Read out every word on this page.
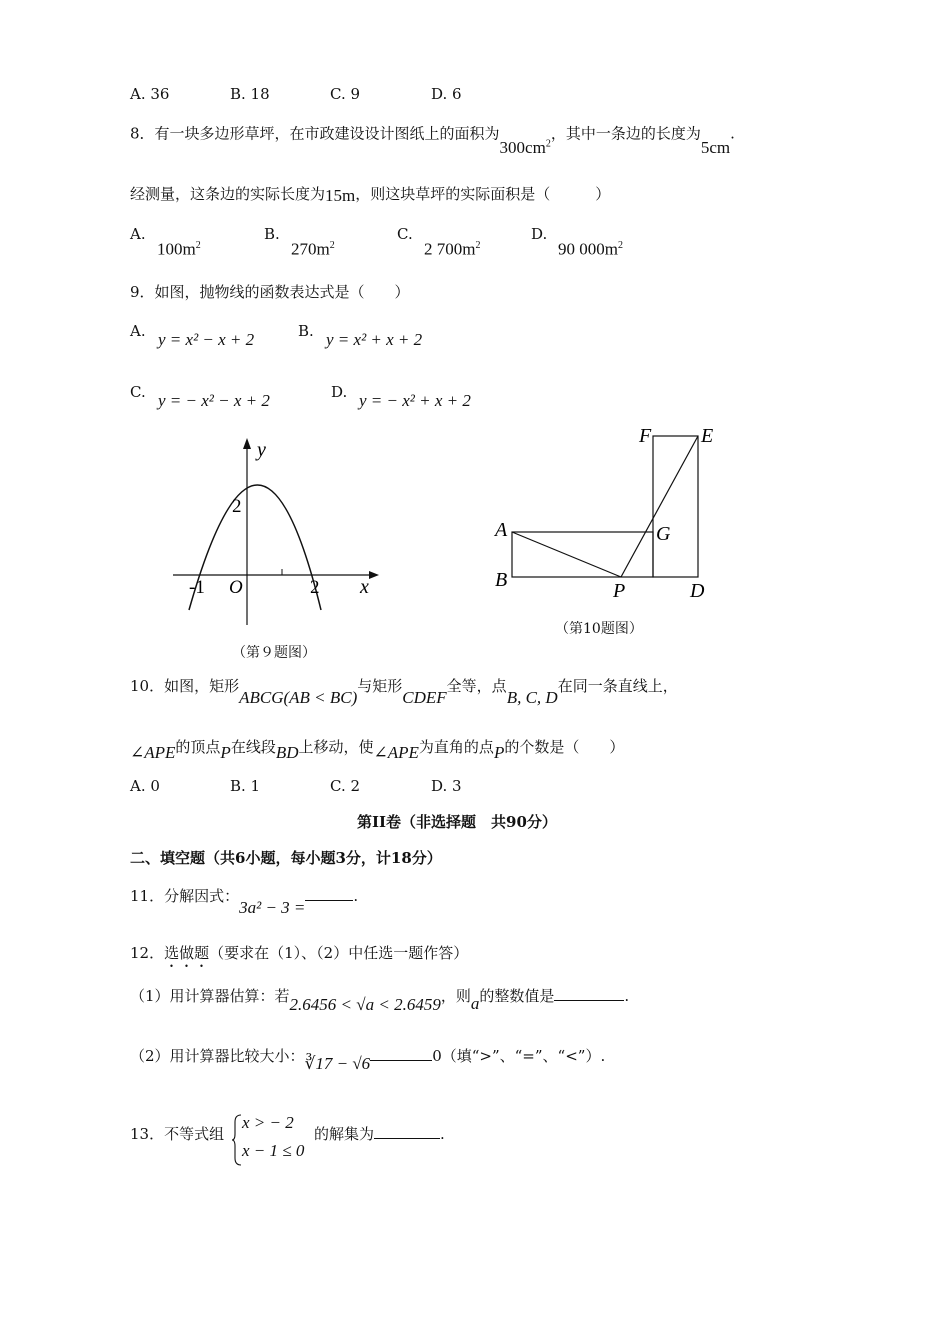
A. 36	B. 18	C. 9	D. 6
8．有一块多边形草坪，在市政建设设计图纸上的面积为$300cm^2$，其中一条边的长度为5cm.
经测量，这条边的实际长度为15m，则这块草坪的实际面积是（　　　）
A.
$100m^2$
B.
$270m^2$
C.
2 $700m^2$
D.
90 $000m^2$
9．如图，抛物线的函数表达式是（　　）
A. y = x² − x + 2	B. y = x² + x + 2
C. y = − x² − x + 2	D. y = − x² + x + 2
y
x
O
-1	2
2
（第９题图）
A
B	P	D
G
F E
（第10题图）
10．如图，矩形ABCG(AB < BC)与矩形CDEF全等，点B, C, D在同一条直线上，
∠APE的顶点P在线段BD上移动，使∠APE为直角的点P的个数是（　　）
A. 0	B. 1	C. 2	D. 3
第II卷（非选择题　共90分）
二、填空题（共6小题，每小题3分，计18分）
11．分解因式：3a² − 3 =.
12．选做题（要求在（1）、（2）中任选一题作答）
（1）用计算器估算：若2.6456 < √a < 2.6459，则a的整数值是	.
（2）用计算器比较大小：∛17 − √6	0（填“>”、“=”、“<”）.
13．不等式组
x > − 2
x − 1 ≤ 0
的解集为	.
